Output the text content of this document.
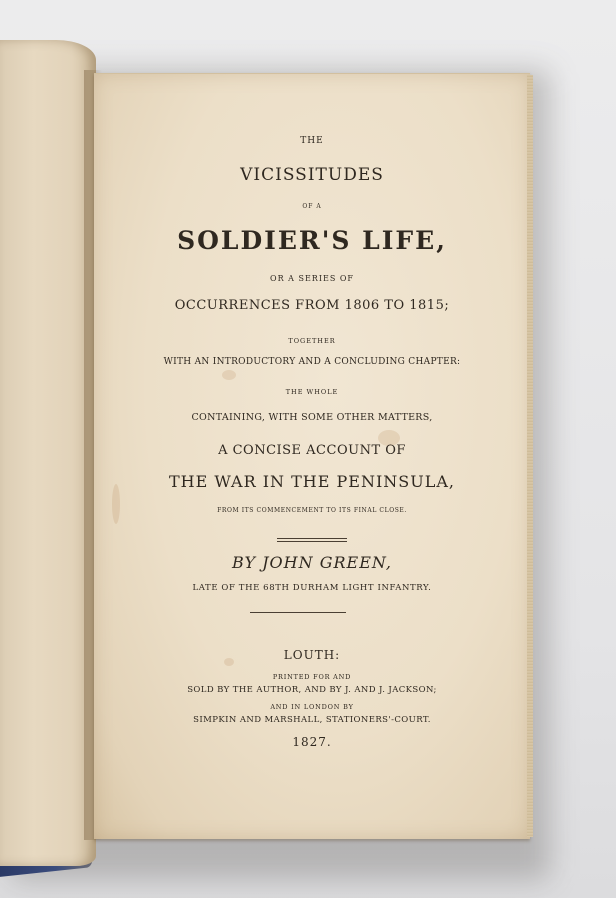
THE
VICISSITUDES
OF A
SOLDIER'S LIFE,
OR A SERIES OF
OCCURRENCES FROM 1806 TO 1815;
TOGETHER
WITH AN INTRODUCTORY AND A CONCLUDING CHAPTER:
THE WHOLE
CONTAINING, WITH SOME OTHER MATTERS,
A CONCISE ACCOUNT OF
THE WAR IN THE PENINSULA,
FROM ITS COMMENCEMENT TO ITS FINAL CLOSE.
BY JOHN GREEN,
LATE OF THE 68TH DURHAM LIGHT INFANTRY.
LOUTH:
PRINTED FOR AND
SOLD BY THE AUTHOR, AND BY J. AND J. JACKSON;
AND IN LONDON BY
SIMPKIN AND MARSHALL, STATIONERS'-COURT.
1827.
